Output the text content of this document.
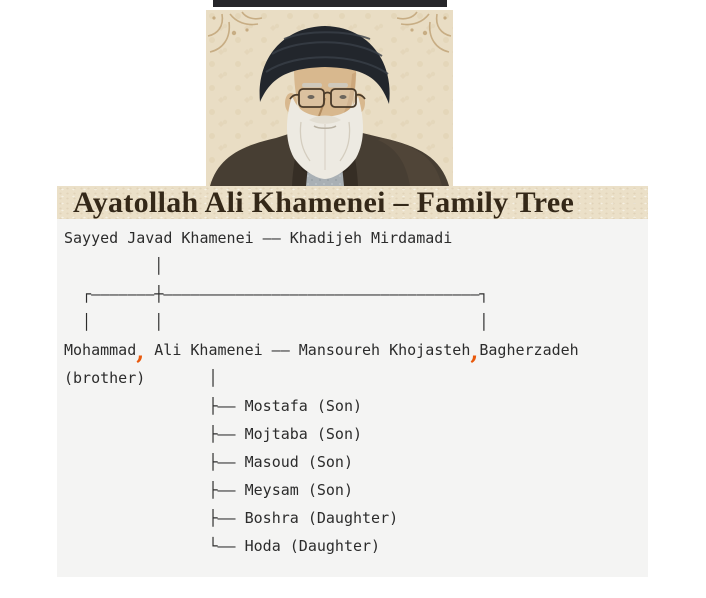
Ayatollah Ali Khamenei – Family Tree
Sayyed Javad Khamenei —— Khadijeh Mirdamadi
│
┌———————┼———————————————————————————————————┐
│       │                                   │
Mohammad, Ali Khamenei —— Mansoureh Khojasteh,Bagherzadeh
(brother)       │
├—— Mostafa (Son)
├—— Mojtaba (Son)
├—— Masoud (Son)
├—— Meysam (Son)
├—— Boshra (Daughter)
└—— Hoda (Daughter)
